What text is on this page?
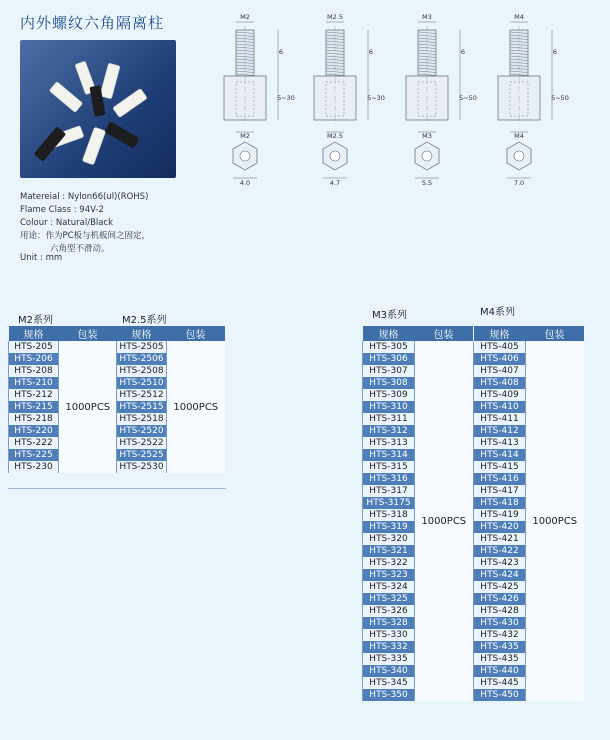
内外螺纹六角隔离柱
Matereial : Nylon66(ul)(ROHS)
Flame Class : 94V-2
Colour : Natural/Black
用途：作为PC板与机板间之固定，
六角型不滑动。
Unit : mm
M2
6
5~30
M2
4.0
M2.5
6
5~30
M2.5
4.7
M3
6
5~50
M3
5.5
M4
6
5~50
M4
7.0
M2系列	M2.5系列	M3系列	M4系列
规格	包装
HTS-205	1000PCS
HTS-206	
HTS-208	
HTS-210	
HTS-212	
HTS-215	
HTS-218	
HTS-220	
HTS-222	
HTS-225	
HTS-230	
规格	包装
HTS-2505	1000PCS
HTS-2506	
HTS-2508	
HTS-2510	
HTS-2512	
HTS-2515	
HTS-2518	
HTS-2520	
HTS-2522	
HTS-2525	
HTS-2530	
规格	包装
HTS-305	1000PCS
HTS-306	
HTS-307	
HTS-308	
HTS-309	
HTS-310	
HTS-311	
HTS-312	
HTS-313	
HTS-314	
HTS-315	
HTS-316	
HTS-317	
HTS-3175	
HTS-318	
HTS-319	
HTS-320	
HTS-321	
HTS-322	
HTS-323	
HTS-324	
HTS-325	
HTS-326	
HTS-328	
HTS-330	
HTS-332	
HTS-335	
HTS-340	
HTS-345	
HTS-350	
规格	包装
HTS-405	1000PCS
HTS-406	
HTS-407	
HTS-408	
HTS-409	
HTS-410	
HTS-411	
HTS-412	
HTS-413	
HTS-414	
HTS-415	
HTS-416	
HTS-417	
HTS-418	
HTS-419	
HTS-420	
HTS-421	
HTS-422	
HTS-423	
HTS-424	
HTS-425	
HTS-426	
HTS-428	
HTS-430	
HTS-432	
HTS-435	
HTS-435	
HTS-440	
HTS-445	
HTS-450	
